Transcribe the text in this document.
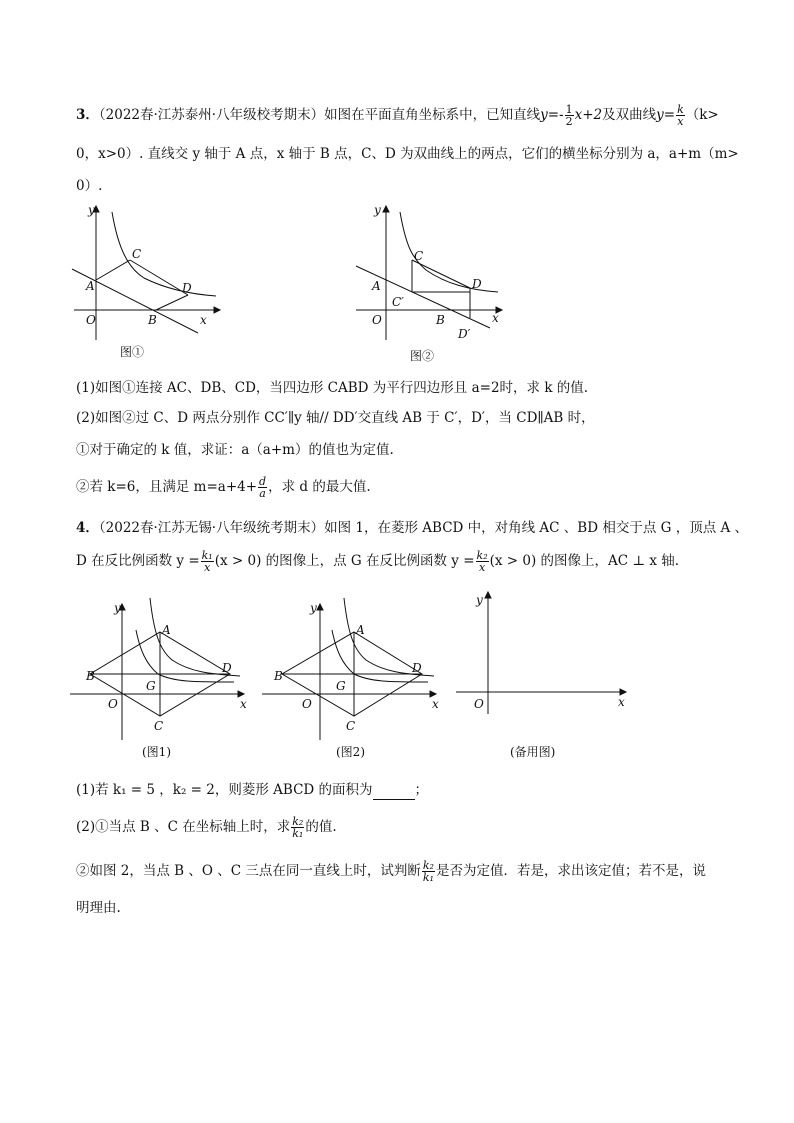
3．（2022春·江苏泰州·八年级校考期末）如图在平面直角坐标系中，已知直线$y=- \frac{1}{2} x+2$及双曲线$y= \frac{k}{x} (k>$
0，x>0）. 直线交 y 轴于 A 点，x 轴于 B 点，C、D 为双曲线上的两点，它们的横坐标分别为 a，a+m（m>
0）.
y
x
O
A
B
C
D
图①
y
x
O
A
B
C
D
C′
D′
图②
(1)如图①连接 AC、DB、CD，当四边形 CABD 为平行四边形且 a=2时，求 k 的值.
(2)如图②过 C、D 两点分别作 CC′∥y 轴// DD′交直线 AB 于 C′，D′，当 CD∥AB 时，
①对于确定的 k 值，求证：a（a+m）的值也为定值.
②若 k=6，且满足 $m=a+4+ \frac{d}{a}$ ，求 d 的最大值.
4．（2022春·江苏无锡·八年级统考期末）如图 1，在菱形 ABCD 中，对角线 AC 、BD 相交于点 G ，顶点 A 、
D 在反比例函数 $y = \frac{\text{k₁}}{x} (x > 0)$ 的图像上，点 G 在反比例函数 $y = \frac{\text{k₂}}{x} (x > 0)$ 的图像上，AC ⊥ x 轴.
y
x
O
A
B
C
D
G
(图1)
y
x
O
A
B
C
D
G
(图2)
y
x
O
(备用图)
(1)若 k₁ = 5 ，k₂ = 2，则菱形 ABCD 的面积为	；
(2)①当点 B 、C 在坐标轴上时，求 $\frac{\text{k₂}}{\text{k₁}}$ 的值.
②如图 2，当点 B 、O 、C 三点在同一直线上时，试判断 $\frac{\text{k₂}}{\text{k₁}}$ 是否为定值．若是，求出该定值；若不是，说
明理由.
